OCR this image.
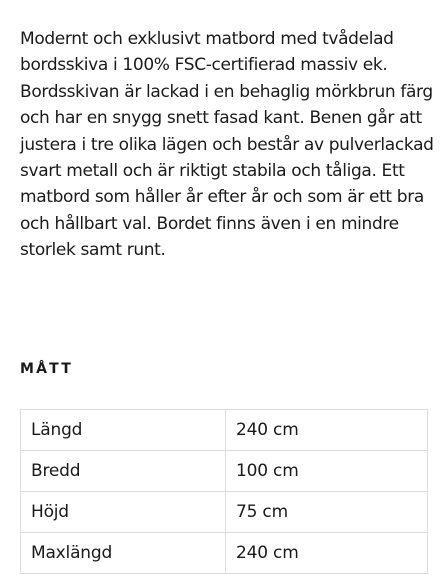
Modernt och exklusivt matbord med tvådelad bordsskiva i 100% FSC-certifierad massiv ek. Bordsskivan är lackad i en behaglig mörkbrun färg och har en snygg snett fasad kant. Benen går att justera i tre olika lägen och består av pulverlackad svart metall och är riktigt stabila och tåliga. Ett matbord som håller år efter år och som är ett bra och hållbart val. Bordet finns även i en mindre storlek samt runt.

MÅTT
Längd	240 cm
Bredd	100 cm
Höjd	75 cm
Maxlängd	240 cm
